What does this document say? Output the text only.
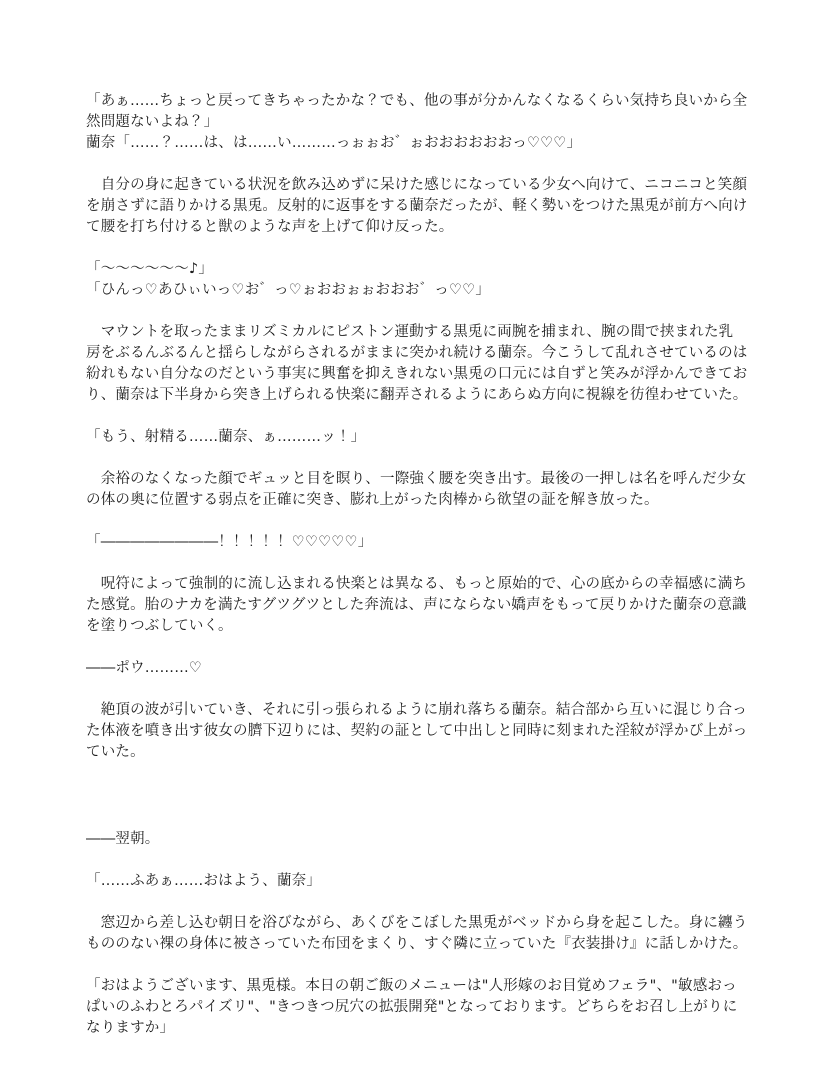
「あぁ……ちょっと戻ってきちゃったかな？でも、他の事が分かんなくなるくらい気持ち良いから全然問題ないよね？」

蘭奈「……？……は、は……い………っぉぉお゛ぉおおおおおおっ♡♡♡」

　自分の身に起きている状況を飲み込めずに呆けた感じになっている少女へ向けて、ニコニコと笑顔を崩さずに語りかける黒兎。反射的に返事をする蘭奈だったが、軽く勢いをつけた黒兎が前方へ向けて腰を打ち付けると獣のような声を上げて仰け反った。

「～～～～～～♪」

「ひんっ♡あひぃいっ♡お゛っ♡ぉおおぉぉおおお゛っ♡♡」

　マウントを取ったままリズミカルにピストン運動する黒兎に両腕を捕まれ、腕の間で挟まれた乳房をぶるんぶるんと揺らしながらされるがままに突かれ続ける蘭奈。今こうして乱れさせているのは紛れもない自分なのだという事実に興奮を抑えきれない黒兎の口元には自ずと笑みが浮かんできており、蘭奈は下半身から突き上げられる快楽に翻弄されるようにあらぬ方向に視線を彷徨わせていた。

「もう、射精る……蘭奈、ぁ………ッ！」

　余裕のなくなった顔でギュッと目を瞑り、一際強く腰を突き出す。最後の一押しは名を呼んだ少女の体の奥に位置する弱点を正確に突き、膨れ上がった肉棒から欲望の証を解き放った。

「――――――――！！！！！♡♡♡♡♡」

　呪符によって強制的に流し込まれる快楽とは異なる、もっと原始的で、心の底からの幸福感に満ちた感覚。胎のナカを満たすグツグツとした奔流は、声にならない嬌声をもって戻りかけた蘭奈の意識を塗りつぶしていく。

――ポウ………♡

　絶頂の波が引いていき、それに引っ張られるように崩れ落ちる蘭奈。結合部から互いに混じり合った体液を噴き出す彼女の臍下辺りには、契約の証として中出しと同時に刻まれた淫紋が浮かび上がっていた。

――翌朝。

「……ふあぁ……おはよう、蘭奈」

　窓辺から差し込む朝日を浴びながら、あくびをこぼした黒兎がベッドから身を起こした。身に纏うもののない裸の身体に被さっていた布団をまくり、すぐ隣に立っていた『衣装掛け』に話しかけた。

「おはようございます、黒兎様。本日の朝ご飯のメニューは"人形嫁のお目覚めフェラ"、"敏感おっぱいのふわとろパイズリ"、"きつきつ尻穴の拡張開発"となっております。どちらをお召し上がりになりますか」
